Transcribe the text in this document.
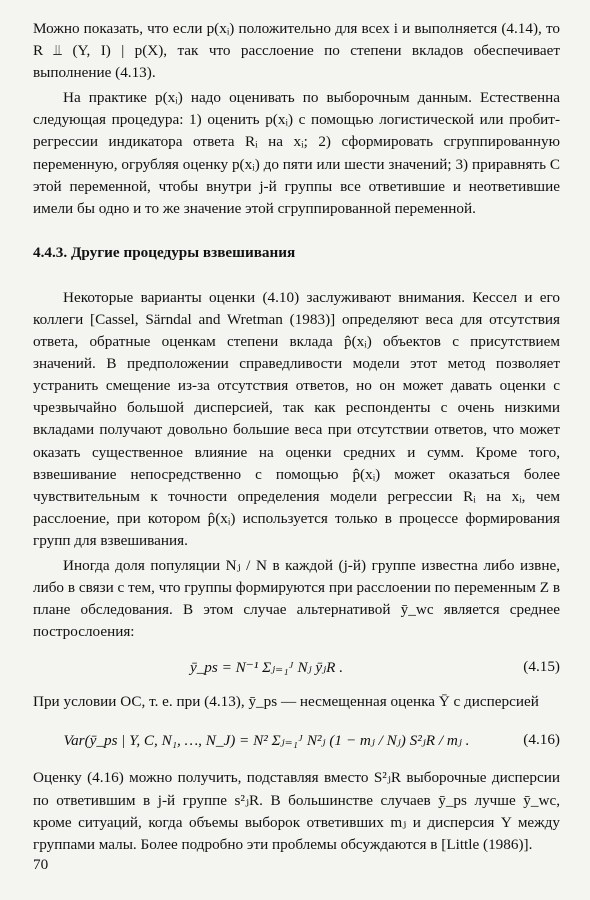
Можно показать, что если p(xᵢ) положительно для всех i и выполняется (4.14), то R ⫫ (Y, I) | p(X), так что расслоение по степени вкладов обеспечивает выполнение (4.13).

На практике p(xᵢ) надо оценивать по выборочным данным. Естественна следующая процедура: 1) оценить p(xᵢ) с помощью логистической или пробит-регрессии индикатора ответа Rᵢ на xᵢ; 2) сформировать сгруппированную переменную, огрубляя оценку p(xᵢ) до пяти или шести значений; 3) приравнять C этой переменной, чтобы внутри j-й группы все ответившие и неответившие имели бы одно и то же значение этой сгруппированной переменной.

4.4.3. Другие процедуры взвешивания

Некоторые варианты оценки (4.10) заслуживают внимания. Кессел и его коллеги [Cassel, Särndal and Wretman (1983)] определяют веса для отсутствия ответа, обратные оценкам степени вклада p̂(xᵢ) объектов с присутствием значений. В предположении справедливости модели этот метод позволяет устранить смещение из-за отсутствия ответов, но он может давать оценки с чрезвычайно большой дисперсией, так как респонденты с очень низкими вкладами получают довольно большие веса при отсутствии ответов, что может оказать существенное влияние на оценки средних и сумм. Кроме того, взвешивание непосредственно с помощью p̂(xᵢ) может оказаться более чувствительным к точности определения модели регрессии Rᵢ на xᵢ, чем расслоение, при котором p̂(xᵢ) используется только в процессе формирования групп для взвешивания.

Иногда доля популяции Nⱼ / N в каждой (j-й) группе известна либо извне, либо в связи с тем, что группы формируются при расслоении по переменным Z в плане обследования. В этом случае альтернативой ȳ_wc является среднее построслоения:

ȳ_ps = N⁻¹ Σⱼ₌₁ᴶ Nⱼ ȳⱼR .	(4.15)

При условии ОС, т. е. при (4.13), ȳ_ps — несмещенная оценка Ȳ с дисперсией

Var(ȳ_ps | Y, C, N₁, …, N_J) = N² Σⱼ₌₁ᴶ N²ⱼ (1 − mⱼ / Nⱼ) S²ⱼR / mⱼ .	(4.16)

Оценку (4.16) можно получить, подставляя вместо S²ⱼR выборочные дисперсии по ответившим в j-й группе s²ⱼR. В большинстве случаев ȳ_ps лучше ȳ_wc, кроме ситуаций, когда объемы выборок ответивших mⱼ и дисперсия Y между группами малы. Более подробно эти проблемы обсуждаются в [Little (1986)].

70
